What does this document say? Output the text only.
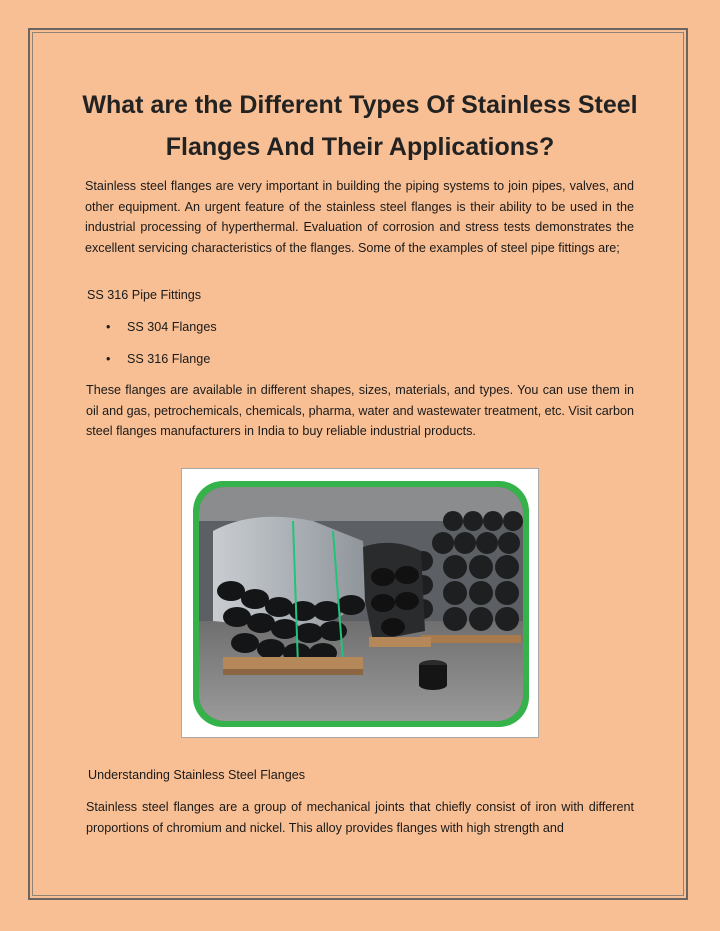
What are the Different Types Of Stainless Steel
Flanges And Their Applications?

Stainless steel flanges are very important in building the piping systems to join pipes, valves, and other equipment. An urgent feature of the stainless steel flanges is their ability to be used in the industrial processing of hyperthermal. Evaluation of corrosion and stress tests demonstrates the excellent servicing characteristics of the flanges. Some of the examples of steel pipe fittings are;

SS 316 Pipe Fittings
• SS 304 Flanges
• SS 316 Flange

These flanges are available in different shapes, sizes, materials, and types. You can use them in oil and gas, petrochemicals, chemicals, pharma, water and wastewater treatment, etc. Visit carbon steel flanges manufacturers in India to buy reliable industrial products.

Understanding Stainless Steel Flanges

Stainless steel flanges are a group of mechanical joints that chiefly consist of iron with different proportions of chromium and nickel. This alloy provides flanges with high strength and
